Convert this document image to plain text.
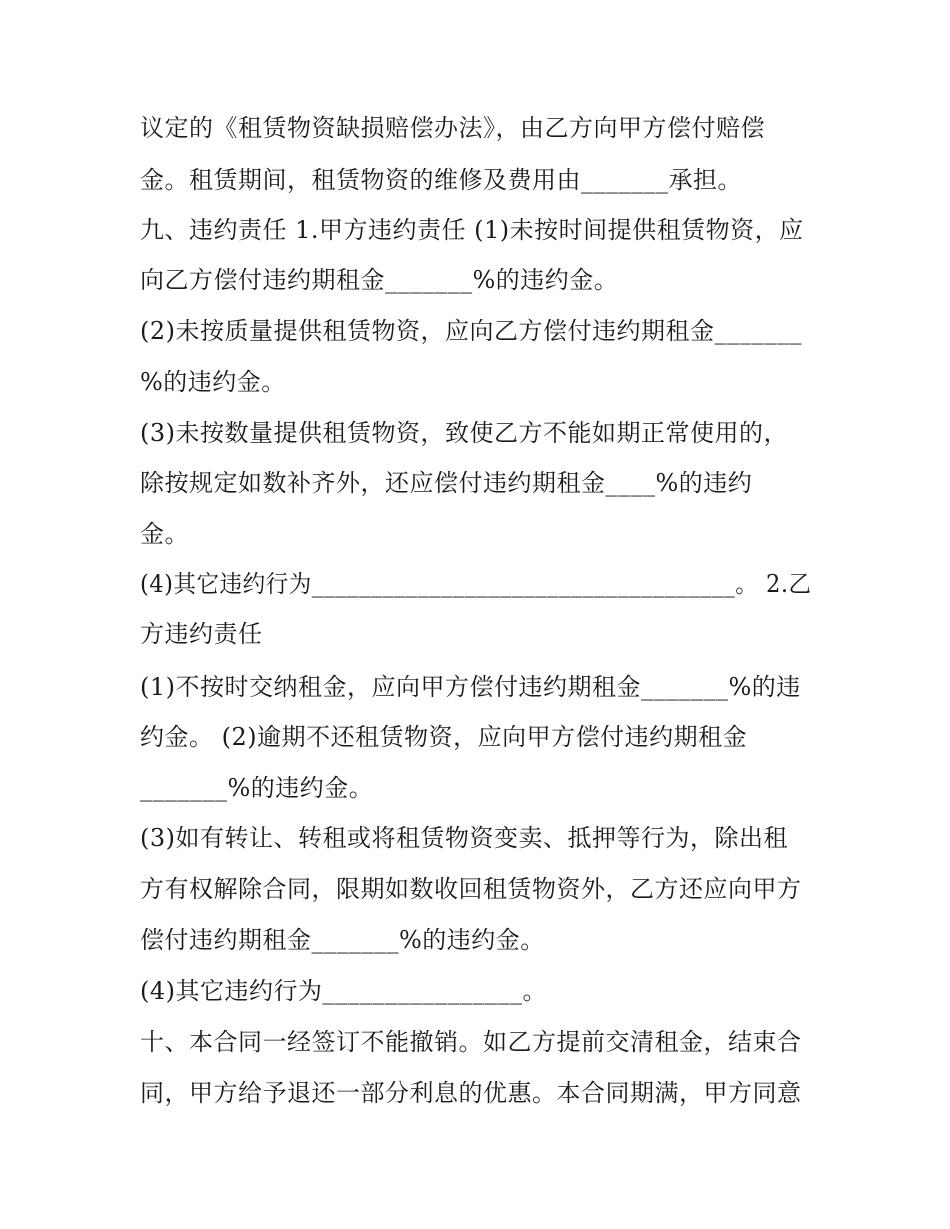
议定的《租赁物资缺损赔偿办法》，由乙方向甲方偿付赔偿
金。租赁期间，租赁物资的维修及费用由_______承担。
九、违约责任 1.甲方违约责任 (1)未按时间提供租赁物资，应
向乙方偿付违约期租金_______%的违约金。
(2)未按质量提供租赁物资，应向乙方偿付违约期租金_______
%的违约金。
(3)未按数量提供租赁物资，致使乙方不能如期正常使用的，
除按规定如数补齐外，还应偿付违约期租金____%的违约
金。
(4)其它违约行为____________________________________。 2.乙
方违约责任
(1)不按时交纳租金，应向甲方偿付违约期租金_______%的违
约金。 (2)逾期不还租赁物资，应向甲方偿付违约期租金
_______%的违约金。
(3)如有转让、转租或将租赁物资变卖、抵押等行为，除出租
方有权解除合同，限期如数收回租赁物资外，乙方还应向甲方
偿付违约期租金_______%的违约金。
(4)其它违约行为________________。
十、本合同一经签订不能撤销。如乙方提前交清租金，结束合
同，甲方给予退还一部分利息的优惠。本合同期满，甲方同意
